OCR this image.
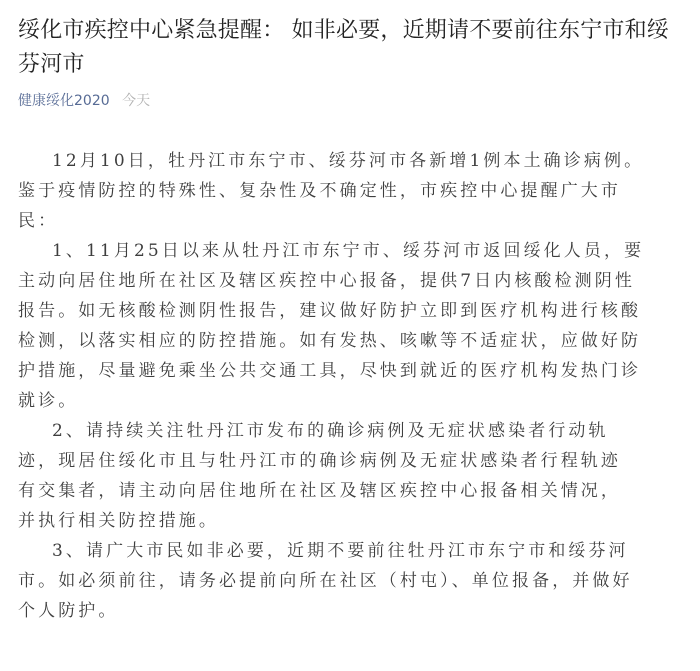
绥化市疾控中心紧急提醒： 如非必要，近期请不要前往东宁市和绥
芬河市
健康绥化2020 今天

12月10日，牡丹江市东宁市、绥芬河市各新增1例本土确诊病例。
鉴于疫情防控的特殊性、复杂性及不确定性，市疾控中心提醒广大市
民：

1、11月25日以来从牡丹江市东宁市、绥芬河市返回绥化人员，要
主动向居住地所在社区及辖区疾控中心报备，提供7日内核酸检测阴性
报告。如无核酸检测阴性报告，建议做好防护立即到医疗机构进行核酸
检测，以落实相应的防控措施。如有发热、咳嗽等不适症状，应做好防
护措施，尽量避免乘坐公共交通工具，尽快到就近的医疗机构发热门诊
就诊。

2、请持续关注牡丹江市发布的确诊病例及无症状感染者行动轨
迹，现居住绥化市且与牡丹江市的确诊病例及无症状感染者行程轨迹
有交集者，请主动向居住地所在社区及辖区疾控中心报备相关情况，
并执行相关防控措施。

3、请广大市民如非必要，近期不要前往牡丹江市东宁市和绥芬河
市。如必须前往，请务必提前向所在社区（村屯）、单位报备，并做好
个人防护。
